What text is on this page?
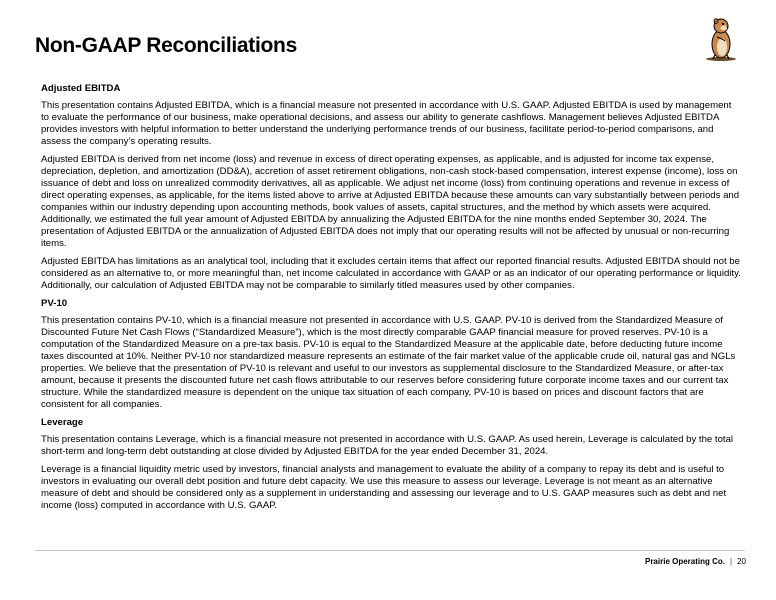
Non-GAAP Reconciliations
Adjusted EBITDA
This presentation contains Adjusted EBITDA, which is a financial measure not presented in accordance with U.S. GAAP. Adjusted EBITDA is used by management to evaluate the performance of our business, make operational decisions, and assess our ability to generate cashflows. Management believes Adjusted EBITDA provides investors with helpful information to better understand the underlying performance trends of our business, facilitate period-to-period comparisons, and assess the company’s operating results.
Adjusted EBITDA is derived from net income (loss) and revenue in excess of direct operating expenses, as applicable, and is adjusted for income tax expense, depreciation, depletion, and amortization (DD&A), accretion of asset retirement obligations, non-cash stock-based compensation, interest expense (income), loss on issuance of debt and loss on unrealized commodity derivatives, all as applicable. We adjust net income (loss) from continuing operations and revenue in excess of direct operating expenses, as applicable, for the items listed above to arrive at Adjusted EBITDA because these amounts can vary substantially between periods and companies within our industry depending upon accounting methods, book values of assets, capital structures, and the method by which assets were acquired. Additionally, we estimated the full year amount of Adjusted EBITDA by annualizing the Adjusted EBITDA for the nine months ended September 30, 2024. The presentation of Adjusted EBITDA or the annualization of Adjusted EBITDA does not imply that our operating results will not be affected by unusual or non-recurring items.
Adjusted EBITDA has limitations as an analytical tool, including that it excludes certain items that affect our reported financial results. Adjusted EBITDA should not be considered as an alternative to, or more meaningful than, net income calculated in accordance with GAAP or as an indicator of our operating performance or liquidity. Additionally, our calculation of Adjusted EBITDA may not be comparable to similarly titled measures used by other companies.
PV-10
This presentation contains PV-10, which is a financial measure not presented in accordance with U.S. GAAP. PV-10 is derived from the Standardized Measure of Discounted Future Net Cash Flows (“Standardized Measure”), which is the most directly comparable GAAP financial measure for proved reserves. PV-10 is a computation of the Standardized Measure on a pre-tax basis. PV-10 is equal to the Standardized Measure at the applicable date, before deducting future income taxes discounted at 10%. Neither PV-10 nor standardized measure represents an estimate of the fair market value of the applicable crude oil, natural gas and NGLs properties. We believe that the presentation of PV-10 is relevant and useful to our investors as supplemental disclosure to the Standardized Measure, or after-tax amount, because it presents the discounted future net cash flows attributable to our reserves before considering future corporate income taxes and our current tax structure. While the standardized measure is dependent on the unique tax situation of each company, PV-10 is based on prices and discount factors that are consistent for all companies.
Leverage
This presentation contains Leverage, which is a financial measure not presented in accordance with U.S. GAAP. As used herein, Leverage is calculated by the total short-term and long-term debt outstanding at close divided by Adjusted EBITDA for the year ended December 31, 2024.
Leverage is a financial liquidity metric used by investors, financial analysts and management to evaluate the ability of a company to repay its debt and is useful to investors in evaluating our overall debt position and future debt capacity. We use this measure to assess our leverage. Leverage is not meant as an alternative measure of debt and should be considered only as a supplement in understanding and assessing our leverage and to U.S. GAAP measures such as debt and net income (loss) computed in accordance with U.S. GAAP.
Prairie Operating Co. | 20
